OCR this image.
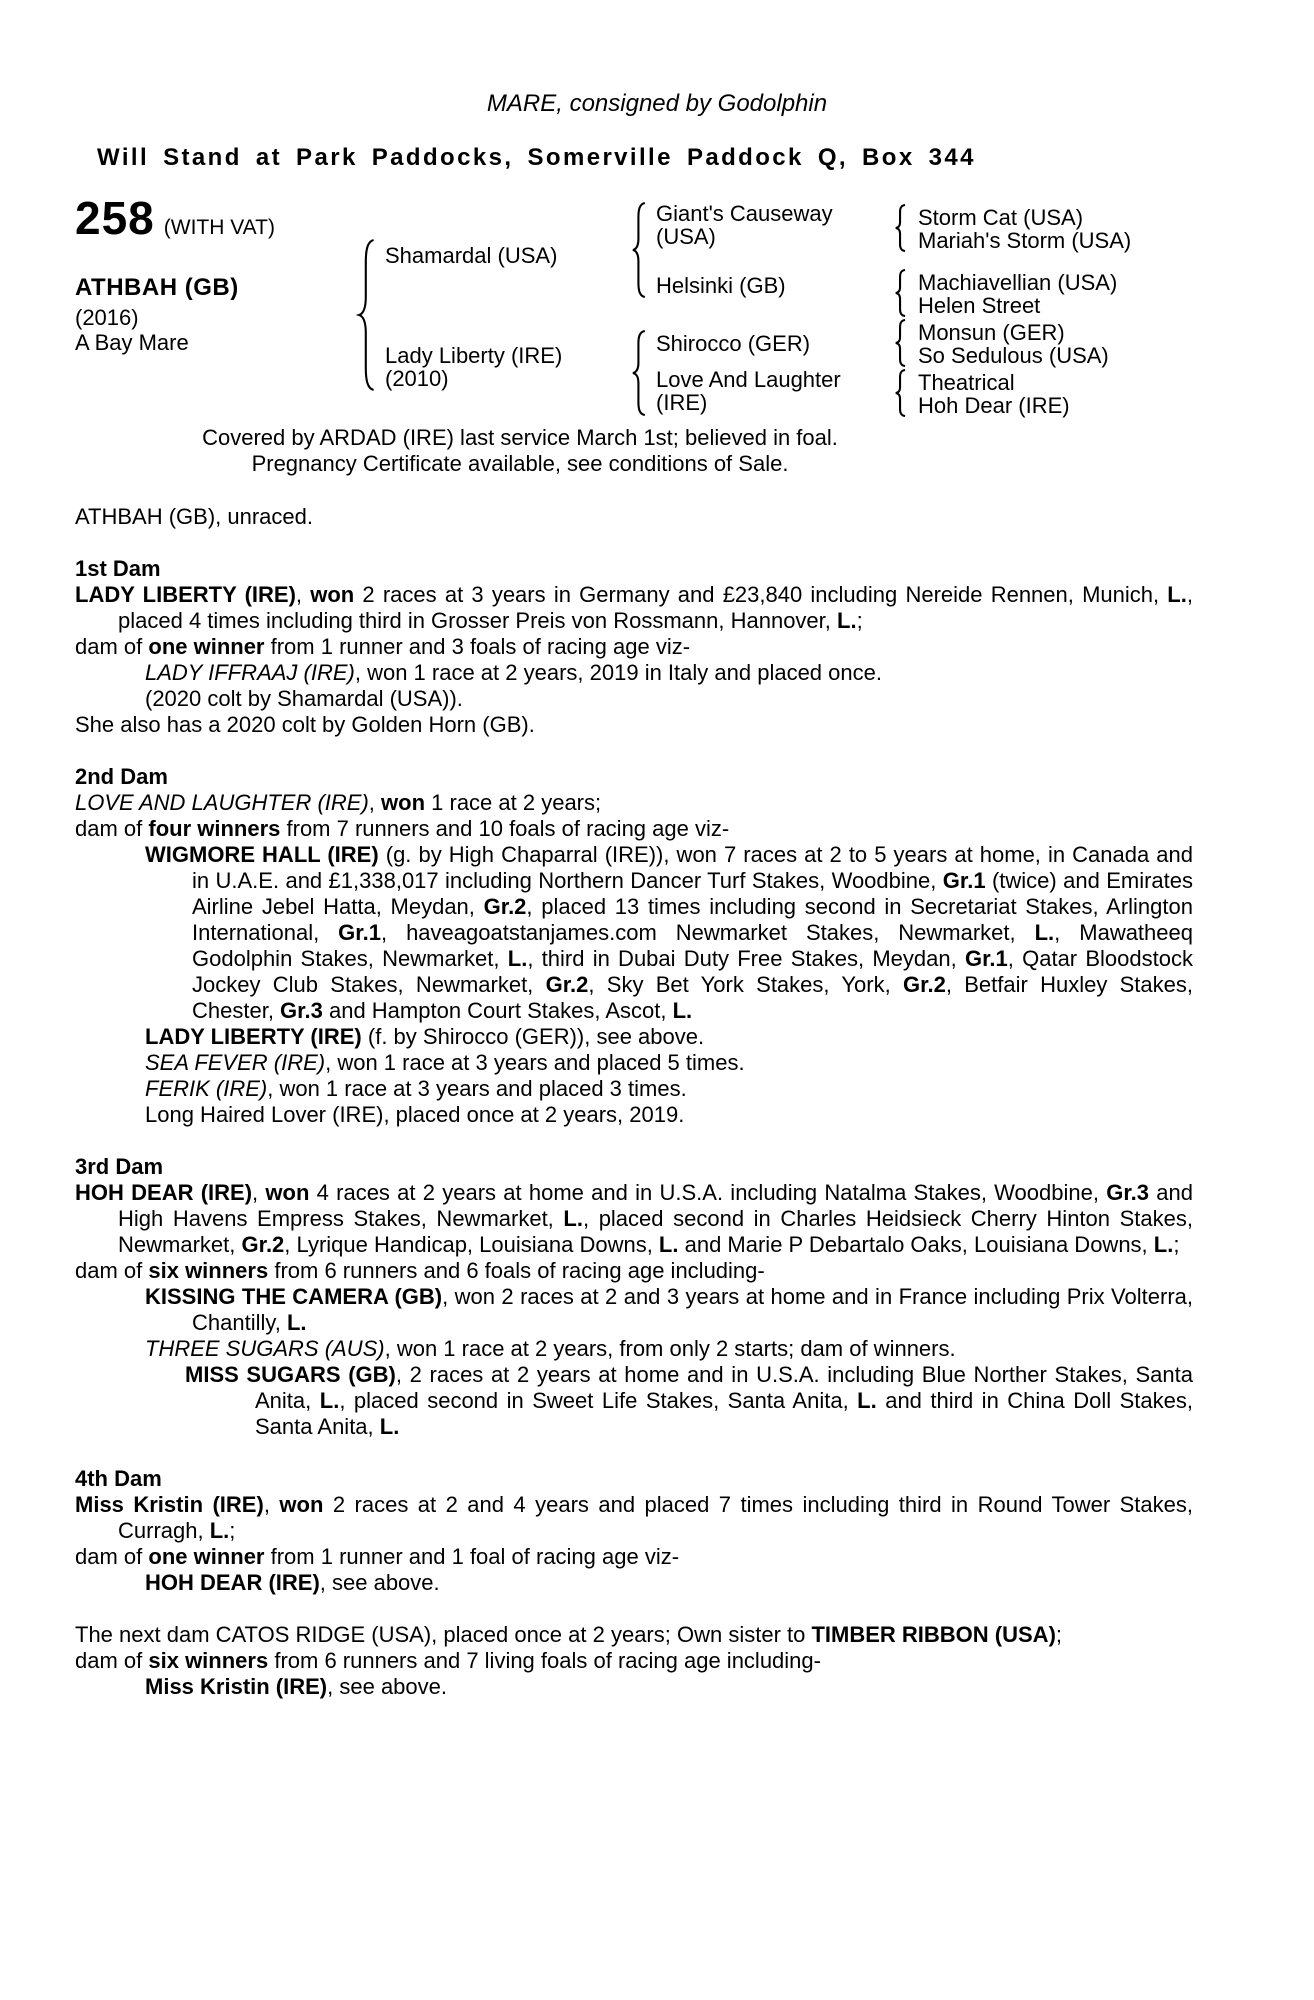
MARE, consigned by Godolphin
Will Stand at Park Paddocks, Somerville Paddock Q, Box 344
258 (WITH VAT)
ATHBAH (GB)
(2016)
A Bay Mare
Shamardal (USA)
Lady Liberty (IRE)
(2010)
Giant's Causeway
(USA)
Helsinki (GB)
Shirocco (GER)
Love And Laughter
(IRE)
Storm Cat (USA)
Mariah's Storm (USA)
Machiavellian (USA)
Helen Street
Monsun (GER)
So Sedulous (USA)
Theatrical
Hoh Dear (IRE)
Covered by ARDAD (IRE) last service March 1st; believed in foal.
Pregnancy Certificate available, see conditions of Sale.

ATHBAH (GB), unraced.

1st Dam

LADY LIBERTY (IRE), won 2 races at 3 years in Germany and £23,840 including Nereide Rennen, Munich, L., placed 4 times including third in Grosser Preis von Rossmann, Hannover, L.;

dam of one winner from 1 runner and 3 foals of racing age viz-

LADY IFFRAAJ (IRE), won 1 race at 2 years, 2019 in Italy and placed once.

(2020 colt by Shamardal (USA)).

She also has a 2020 colt by Golden Horn (GB).

2nd Dam

LOVE AND LAUGHTER (IRE), won 1 race at 2 years;

dam of four winners from 7 runners and 10 foals of racing age viz-

WIGMORE HALL (IRE) (g. by High Chaparral (IRE)), won 7 races at 2 to 5 years at home, in Canada and in U.A.E. and £1,338,017 including Northern Dancer Turf Stakes, Woodbine, Gr.1 (twice) and Emirates Airline Jebel Hatta, Meydan, Gr.2, placed 13 times including second in Secretariat Stakes, Arlington International, Gr.1, haveagoatstanjames.com Newmarket Stakes, Newmarket, L., Mawatheeq Godolphin Stakes, Newmarket, L., third in Dubai Duty Free Stakes, Meydan, Gr.1, Qatar Bloodstock Jockey Club Stakes, Newmarket, Gr.2, Sky Bet York Stakes, York, Gr.2, Betfair Huxley Stakes, Chester, Gr.3 and Hampton Court Stakes, Ascot, L.

LADY LIBERTY (IRE) (f. by Shirocco (GER)), see above.

SEA FEVER (IRE), won 1 race at 3 years and placed 5 times.

FERIK (IRE), won 1 race at 3 years and placed 3 times.

Long Haired Lover (IRE), placed once at 2 years, 2019.

3rd Dam

HOH DEAR (IRE), won 4 races at 2 years at home and in U.S.A. including Natalma Stakes, Woodbine, Gr.3 and High Havens Empress Stakes, Newmarket, L., placed second in Charles Heidsieck Cherry Hinton Stakes, Newmarket, Gr.2, Lyrique Handicap, Louisiana Downs, L. and Marie P Debartalo Oaks, Louisiana Downs, L.;

dam of six winners from 6 runners and 6 foals of racing age including-

KISSING THE CAMERA (GB), won 2 races at 2 and 3 years at home and in France including Prix Volterra, Chantilly, L.

THREE SUGARS (AUS), won 1 race at 2 years, from only 2 starts; dam of winners.

MISS SUGARS (GB), 2 races at 2 years at home and in U.S.A. including Blue Norther Stakes, Santa Anita, L., placed second in Sweet Life Stakes, Santa Anita, L. and third in China Doll Stakes, Santa Anita, L.

4th Dam

Miss Kristin (IRE), won 2 races at 2 and 4 years and placed 7 times including third in Round Tower Stakes, Curragh, L.;

dam of one winner from 1 runner and 1 foal of racing age viz-

HOH DEAR (IRE), see above.

The next dam CATOS RIDGE (USA), placed once at 2 years; Own sister to TIMBER RIBBON (USA);

dam of six winners from 6 runners and 7 living foals of racing age including-

Miss Kristin (IRE), see above.
